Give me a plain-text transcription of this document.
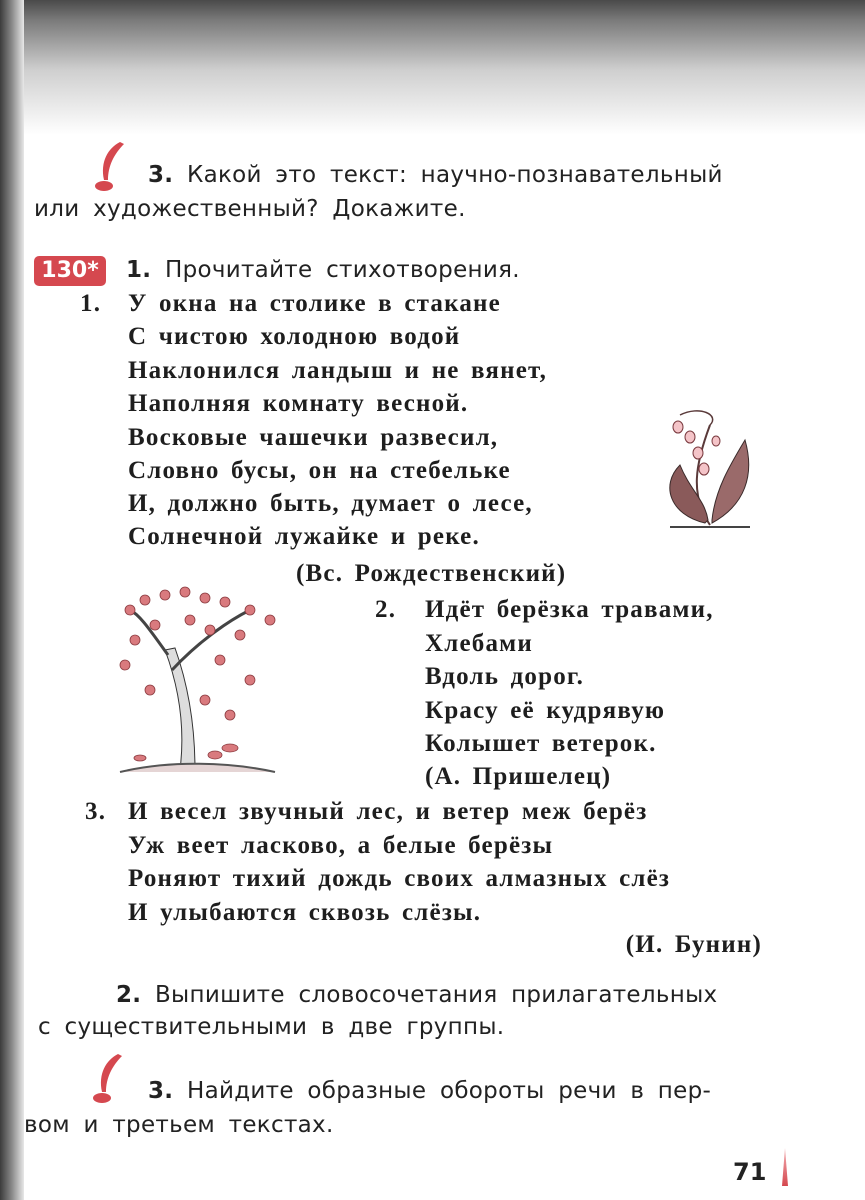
3. Какой это текст: научно-познавательный
или художественный? Докажите.
130*	1. Прочитайте стихотворения.
1. У окна на столике в стакане
С чистою холодною водой
Наклонился ландыш и не вянет,
Наполняя комнату весной.
Восковые чашечки развесил,
Словно бусы, он на стебельке
И, должно быть, думает о лесе,
Солнечной лужайке и реке.
(Вс. Рождественский)
2. Идёт берёзка травами,
Хлебами
Вдоль дорог.
Красу её кудрявую
Колышет ветерок.
(А. Пришелец)
3. И весел звучный лес, и ветер меж берёз
Уж веет ласково, а белые берёзы
Роняют тихий дождь своих алмазных слёз
И улыбаются сквозь слёзы.
(И. Бунин)
2. Выпишите словосочетания прилагательных
с существительными в две группы.
3. Найдите образные обороты речи в пер-
вом и третьем текстах.
71
